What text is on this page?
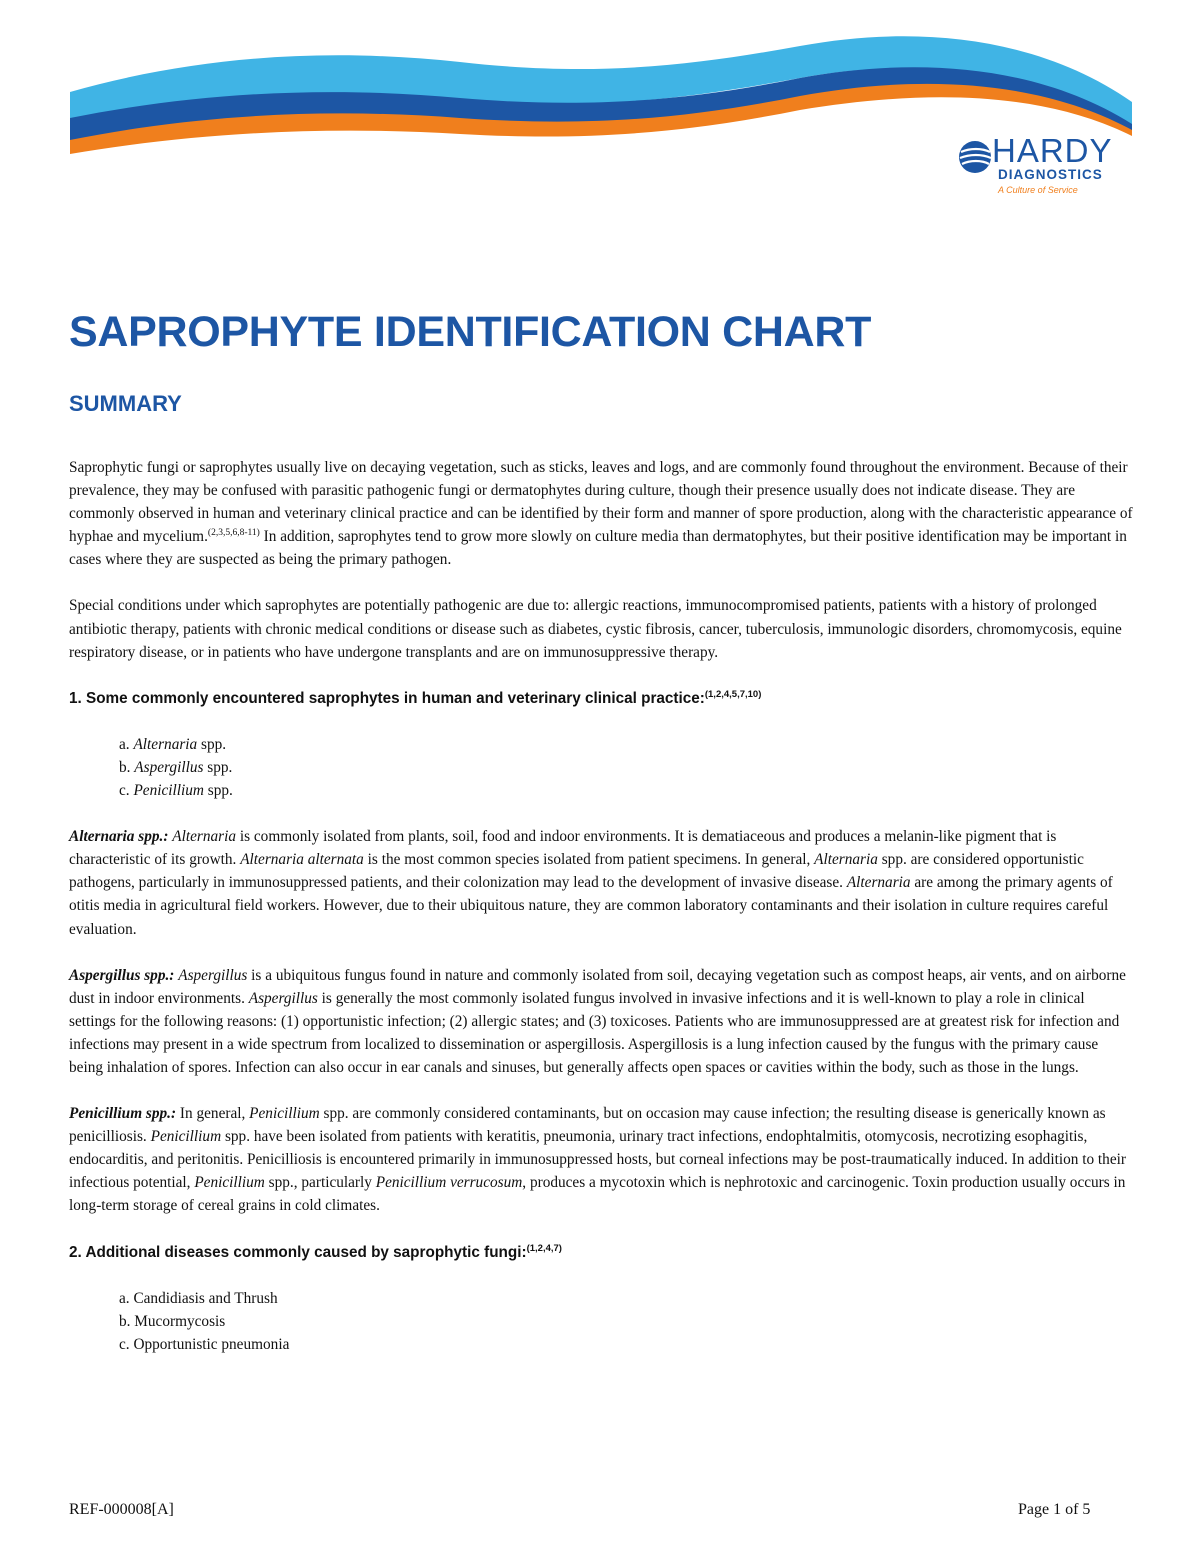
HARDY
DIAGNOSTICS
A Culture of Service
SAPROPHYTE IDENTIFICATION CHART
SUMMARY

Saprophytic fungi or saprophytes usually live on decaying vegetation, such as sticks, leaves and logs, and are commonly found throughout the environment. Because of their prevalence, they may be confused with parasitic pathogenic fungi or dermatophytes during culture, though their presence usually does not indicate disease. They are commonly observed in human and veterinary clinical practice and can be identified by their form and manner of spore production, along with the characteristic appearance of hyphae and mycelium.$^{(2,3,5,6,8-11)}$ In addition, saprophytes tend to grow more slowly on culture media than dermatophytes, but their positive identification may be important in cases where they are suspected as being the primary pathogen.

Special conditions under which saprophytes are potentially pathogenic are due to: allergic reactions, immunocompromised patients, patients with a history of prolonged antibiotic therapy, patients with chronic medical conditions or disease such as diabetes, cystic fibrosis, cancer, tuberculosis, immunologic disorders, chromomycosis, equine respiratory disease, or in patients who have undergone transplants and are on immunosuppressive therapy.

1. Some commonly encountered saprophytes in human and veterinary clinical practice:$^{(1,2,4,5,7,10)}$

a. Alternaria spp.
b. Aspergillus spp.
c. Penicillium spp.

Alternaria spp.: Alternaria is commonly isolated from plants, soil, food and indoor environments. It is dematiaceous and produces a melanin-like pigment that is characteristic of its growth. Alternaria alternata is the most common species isolated from patient specimens. In general, Alternaria spp. are considered opportunistic pathogens, particularly in immunosuppressed patients, and their colonization may lead to the development of invasive disease. Alternaria are among the primary agents of otitis media in agricultural field workers. However, due to their ubiquitous nature, they are common laboratory contaminants and their isolation in culture requires careful evaluation.

Aspergillus spp.: Aspergillus is a ubiquitous fungus found in nature and commonly isolated from soil, decaying vegetation such as compost heaps, air vents, and on airborne dust in indoor environments. Aspergillus is generally the most commonly isolated fungus involved in invasive infections and it is well-known to play a role in clinical settings for the following reasons: (1) opportunistic infection; (2) allergic states; and (3) toxicoses. Patients who are immunosuppressed are at greatest risk for infection and infections may present in a wide spectrum from localized to dissemination or aspergillosis. Aspergillosis is a lung infection caused by the fungus with the primary cause being inhalation of spores. Infection can also occur in ear canals and sinuses, but generally affects open spaces or cavities within the body, such as those in the lungs.

Penicillium spp.: In general, Penicillium spp. are commonly considered contaminants, but on occasion may cause infection; the resulting disease is generically known as penicilliosis. Penicillium spp. have been isolated from patients with keratitis, pneumonia, urinary tract infections, endophtalmitis, otomycosis, necrotizing esophagitis, endocarditis, and peritonitis. Penicilliosis is encountered primarily in immunosuppressed hosts, but corneal infections may be post-traumatically induced. In addition to their infectious potential, Penicillium spp., particularly Penicillium verrucosum, produces a mycotoxin which is nephrotoxic and carcinogenic. Toxin production usually occurs in long-term storage of cereal grains in cold climates.

2. Additional diseases commonly caused by saprophytic fungi:$^{(1,2,4,7)}$

a. Candidiasis and Thrush
b. Mucormycosis
c. Opportunistic pneumonia
REF-000008[A]	Page 1 of 5
